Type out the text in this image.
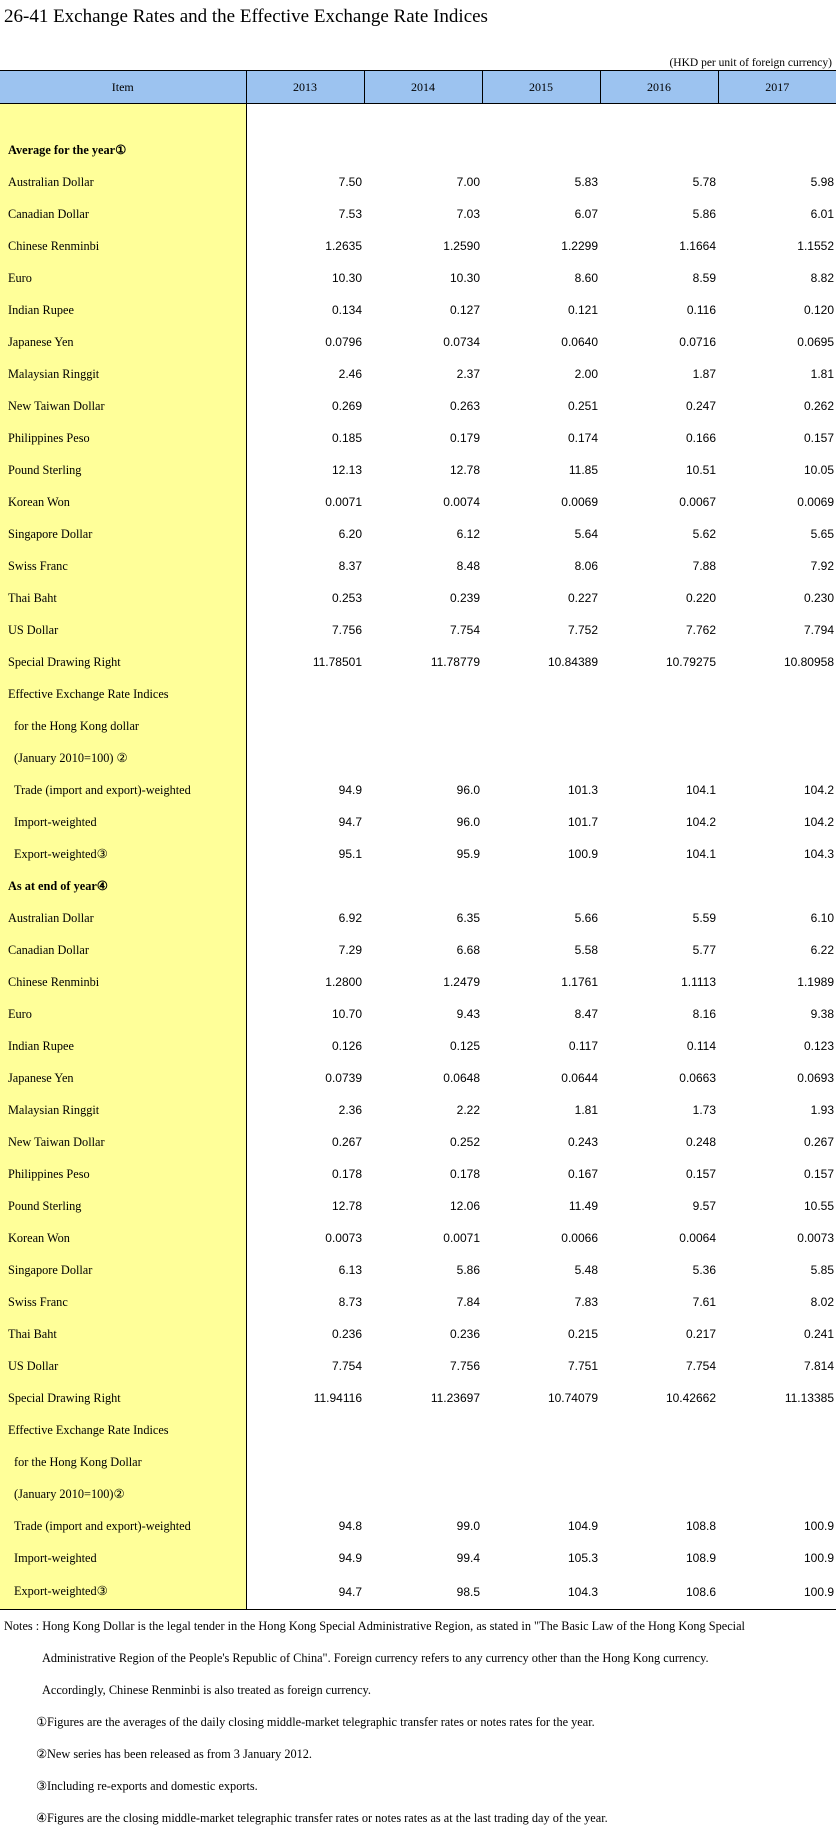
26-41 Exchange Rates and the Effective Exchange Rate Indices
(HKD per unit of foreign currency)
Item	2013	2014	2015	2016	2017

Average for the year①					
Australian Dollar	7.50	7.00	5.83	5.78	5.98
Canadian Dollar	7.53	7.03	6.07	5.86	6.01
Chinese Renminbi	1.2635	1.2590	1.2299	1.1664	1.1552
Euro	10.30	10.30	8.60	8.59	8.82
Indian Rupee	0.134	0.127	0.121	0.116	0.120
Japanese Yen	0.0796	0.0734	0.0640	0.0716	0.0695
Malaysian Ringgit	2.46	2.37	2.00	1.87	1.81
New Taiwan Dollar	0.269	0.263	0.251	0.247	0.262
Philippines Peso	0.185	0.179	0.174	0.166	0.157
Pound Sterling	12.13	12.78	11.85	10.51	10.05
Korean Won	0.0071	0.0074	0.0069	0.0067	0.0069
Singapore Dollar	6.20	6.12	5.64	5.62	5.65
Swiss Franc	8.37	8.48	8.06	7.88	7.92
Thai Baht	0.253	0.239	0.227	0.220	0.230
US Dollar	7.756	7.754	7.752	7.762	7.794
Special Drawing Right	11.78501	11.78779	10.84389	10.79275	10.80958
Effective Exchange Rate Indices					
for the Hong Kong dollar					
(January 2010=100) ②					
Trade (import and export)-weighted	94.9	96.0	101.3	104.1	104.2
Import-weighted	94.7	96.0	101.7	104.2	104.2
Export-weighted③	95.1	95.9	100.9	104.1	104.3
As at end of year④					
Australian Dollar	6.92	6.35	5.66	5.59	6.10
Canadian Dollar	7.29	6.68	5.58	5.77	6.22
Chinese Renminbi	1.2800	1.2479	1.1761	1.1113	1.1989
Euro	10.70	9.43	8.47	8.16	9.38
Indian Rupee	0.126	0.125	0.117	0.114	0.123
Japanese Yen	0.0739	0.0648	0.0644	0.0663	0.0693
Malaysian Ringgit	2.36	2.22	1.81	1.73	1.93
New Taiwan Dollar	0.267	0.252	0.243	0.248	0.267
Philippines Peso	0.178	0.178	0.167	0.157	0.157
Pound Sterling	12.78	12.06	11.49	9.57	10.55
Korean Won	0.0073	0.0071	0.0066	0.0064	0.0073
Singapore Dollar	6.13	5.86	5.48	5.36	5.85
Swiss Franc	8.73	7.84	7.83	7.61	8.02
Thai Baht	0.236	0.236	0.215	0.217	0.241
US Dollar	7.754	7.756	7.751	7.754	7.814
Special Drawing Right	11.94116	11.23697	10.74079	10.42662	11.13385
Effective Exchange Rate Indices					
for the Hong Kong Dollar					
(January 2010=100)②					
Trade (import and export)-weighted	94.8	99.0	104.9	108.8	100.9
Import-weighted	94.9	99.4	105.3	108.9	100.9
Export-weighted③	94.7	98.5	104.3	108.6	100.9
Notes : Hong Kong Dollar is the legal tender in the Hong Kong Special Administrative Region, as stated in "The Basic Law of the Hong Kong Special
Administrative Region of the People's Republic of China". Foreign currency refers to any currency other than the Hong Kong currency.
Accordingly, Chinese Renminbi is also treated as foreign currency.
①Figures are the averages of the daily closing middle-market telegraphic transfer rates or notes rates for the year.
②New series has been released as from 3 January 2012.
③Including re-exports and domestic exports.
④Figures are the closing middle-market telegraphic transfer rates or notes rates as at the last trading day of the year.
